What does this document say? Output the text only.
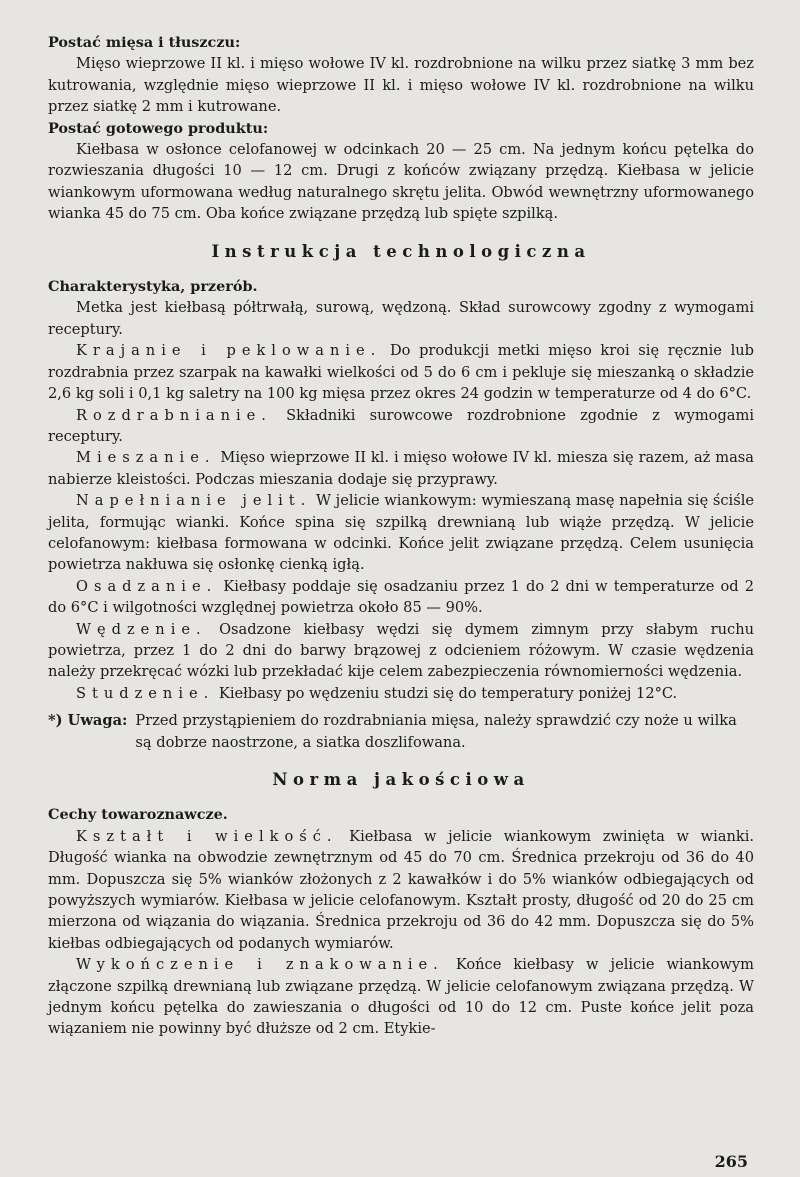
Postać mięsa i tłuszczu:

Mięso wieprzowe II kl. i mięso wołowe IV kl. rozdrobnione na wilku przez siatkę 3 mm bez kutrowania, względnie mięso wieprzowe II kl. i mięso wołowe IV kl. rozdrobnione na wilku przez siatkę 2 mm i kutrowane.

Postać gotowego produktu:

Kiełbasa w osłonce celofanowej w odcinkach 20 — 25 cm. Na jednym końcu pętelka do rozwieszania długości 10 — 12 cm. Drugi z końców związany przędzą. Kiełbasa w jelicie wiankowym uformowana według naturalnego skrętu jelita. Obwód wewnętrzny uformowanego wianka 45 do 75 cm. Oba końce związane przędzą lub spięte szpilką.

Instrukcja technologiczna

Charakterystyka, przerób.

Metka jest kiełbasą półtrwałą, surową, wędzoną. Skład surowcowy zgodny z wymogami receptury.

Krajanie i peklowanie. Do produkcji metki mięso kroi się ręcznie lub rozdrabnia przez szarpak na kawałki wielkości od 5 do 6 cm i pekluje się mieszanką o składzie 2,6 kg soli i 0,1 kg saletry na 100 kg mięsa przez okres 24 godzin w temperaturze od 4 do 6°C.

Rozdrabnianie. Składniki surowcowe rozdrobnione zgodnie z wymogami receptury.

Mieszanie. Mięso wieprzowe II kl. i mięso wołowe IV kl. miesza się razem, aż masa nabierze kleistości. Podczas mieszania dodaje się przyprawy.

Napełnianie jelit. W jelicie wiankowym: wymieszaną masę napełnia się ściśle jelita, formując wianki. Końce spina się szpilką drewnianą lub wiąże przędzą. W jelicie celofanowym: kiełbasa formowana w odcinki. Końce jelit związane przędzą. Celem usunięcia powietrza nakłuwa się osłonkę cienką igłą.

Osadzanie. Kiełbasy poddaje się osadzaniu przez 1 do 2 dni w temperaturze od 2 do 6°C i wilgotności względnej powietrza około 85 — 90%.

Wędzenie. Osadzone kiełbasy wędzi się dymem zimnym przy słabym ruchu powietrza, przez 1 do 2 dni do barwy brązowej z odcieniem różowym. W czasie wędzenia należy przekręcać wózki lub przekładać kije celem zabezpieczenia równomierności wędzenia.

Studzenie. Kiełbasy po wędzeniu studzi się do temperatury poniżej 12°C.

*) Uwaga: Przed przystąpieniem do rozdrabniania mięsa, należy sprawdzić czy noże u wilka są dobrze naostrzone, a siatka doszlifowana.
Norma jakościowa

Cechy towaroznawcze.

Kształt i wielkość. Kiełbasa w jelicie wiankowym zwinięta w wianki. Długość wianka na obwodzie zewnętrznym od 45 do 70 cm. Średnica przekroju od 36 do 40 mm. Dopuszcza się 5% wianków złożonych z 2 kawałków i do 5% wianków odbiegających od powyższych wymiarów. Kiełbasa w jelicie celofanowym. Kształt prosty, długość od 20 do 25 cm mierzona od wiązania do wiązania. Średnica przekroju od 36 do 42 mm. Dopuszcza się do 5% kiełbas odbiegających od podanych wymiarów.

Wykończenie i znakowanie. Końce kiełbasy w jelicie wiankowym złączone szpilką drewnianą lub związane przędzą. W jelicie celofanowym związana przędzą. W jednym końcu pętelka do zawieszania o długości od 10 do 12 cm. Puste końce jelit poza wiązaniem nie powinny być dłuższe od 2 cm. Etykie-

265
